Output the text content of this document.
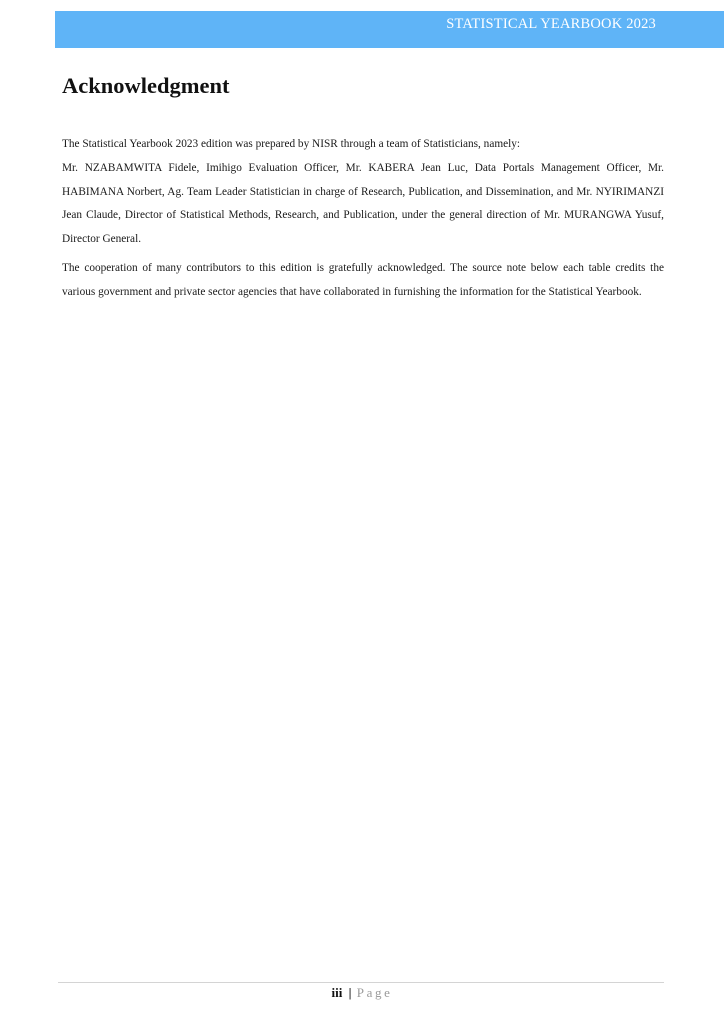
STATISTICAL YEARBOOK 2023
Acknowledgment

The Statistical Yearbook 2023 edition was prepared by NISR through a team of Statisticians, namely:

Mr. NZABAMWITA Fidele, Imihigo Evaluation Officer, Mr. KABERA Jean Luc, Data Portals Management Officer, Mr. HABIMANA Norbert, Ag. Team Leader Statistician in charge of Research, Publication, and Dissemination, and Mr. NYIRIMANZI Jean Claude, Director of Statistical Methods, Research, and Publication, under the general direction of Mr. MURANGWA Yusuf, Director General.

The cooperation of many contributors to this edition is gratefully acknowledged. The source note below each table credits the various government and private sector agencies that have collaborated in furnishing the information for the Statistical Yearbook.

iii | Page
